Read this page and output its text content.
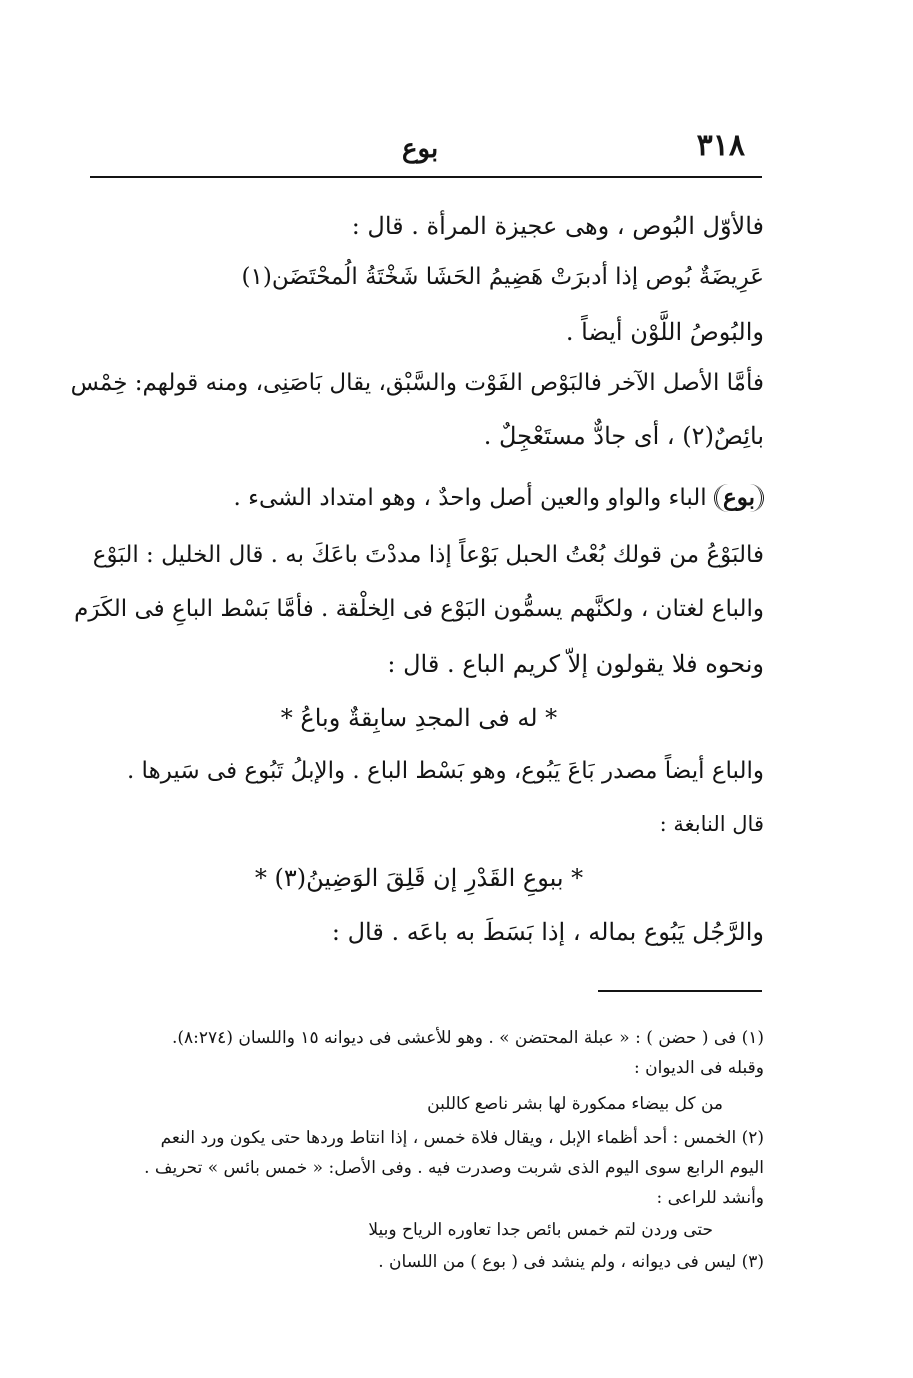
٣١٨
بوع
فالأوّل البُوص ، وهى عجيزة المرأة . قال :
عَرِيضَةٌ بُوص إذا أدبرَتْ هَضِيمُ الحَشَا شَخْتَةُ الُمحْتَضَن(١)
والبُوصُ اللَّوْن أيضاً .
فأمَّا الأصل الآخر فالبَوْص الفَوْت والسَّبْق، يقال بَاصَنِى، ومنه قولهم: خِمْس
بائِصٌ(٢) ، أى جادٌّ مستَعْجِلٌ .
بوع الباء والواو والعين أصل واحدٌ ، وهو امتداد الشىء .
فالبَوْعُ من قولك بُعْتُ الحبل بَوْعاً إذا مددْتَ باعَكَ به . قال الخليل : البَوْع
والباع لغتان ، ولكنَّهم يسمُّون البَوْع فى الِخلْقة . فأمَّا بَسْط الباعِ فى الكَرَم
ونحوه فلا يقولون إلاّ كريم الباع . قال :
* له فى المجدِ سابِقةٌ وباعُ *
والباع أيضاً مصدر بَاعَ يَبُوع، وهو بَسْط الباع . والإبلُ تَبُوع فى سَيرها .
قال النابغة :
* ببوعِ القَدْرِ إن قَلِقَ الوَضِينُ(٣) *
والرَّجُل يَبُوع بماله ، إذا بَسَطَ به باعَه . قال :
(١) فى ( حضن ) : « عبلة المحتضن » . وهو للأعشى فى ديوانه ١٥ واللسان (٨:٢٧٤).
وقبله فى الديوان :
من كل بيضاء ممكورة لها بشر ناصع كاللبن
(٢) الخمس : أحد أظماء الإبل ، ويقال فلاة خمس ، إذا انتاط وردها حتى يكون ورد النعم
اليوم الرابع سوى اليوم الذى شربت وصدرت فيه . وفى الأصل: « خمس بائس » تحريف .
وأنشد للراعى :
حتى وردن لتم خمس بائص جدا تعاوره الرياح وبيلا
(٣) ليس فى ديوانه ، ولم ينشد فى ( بوع ) من اللسان .
